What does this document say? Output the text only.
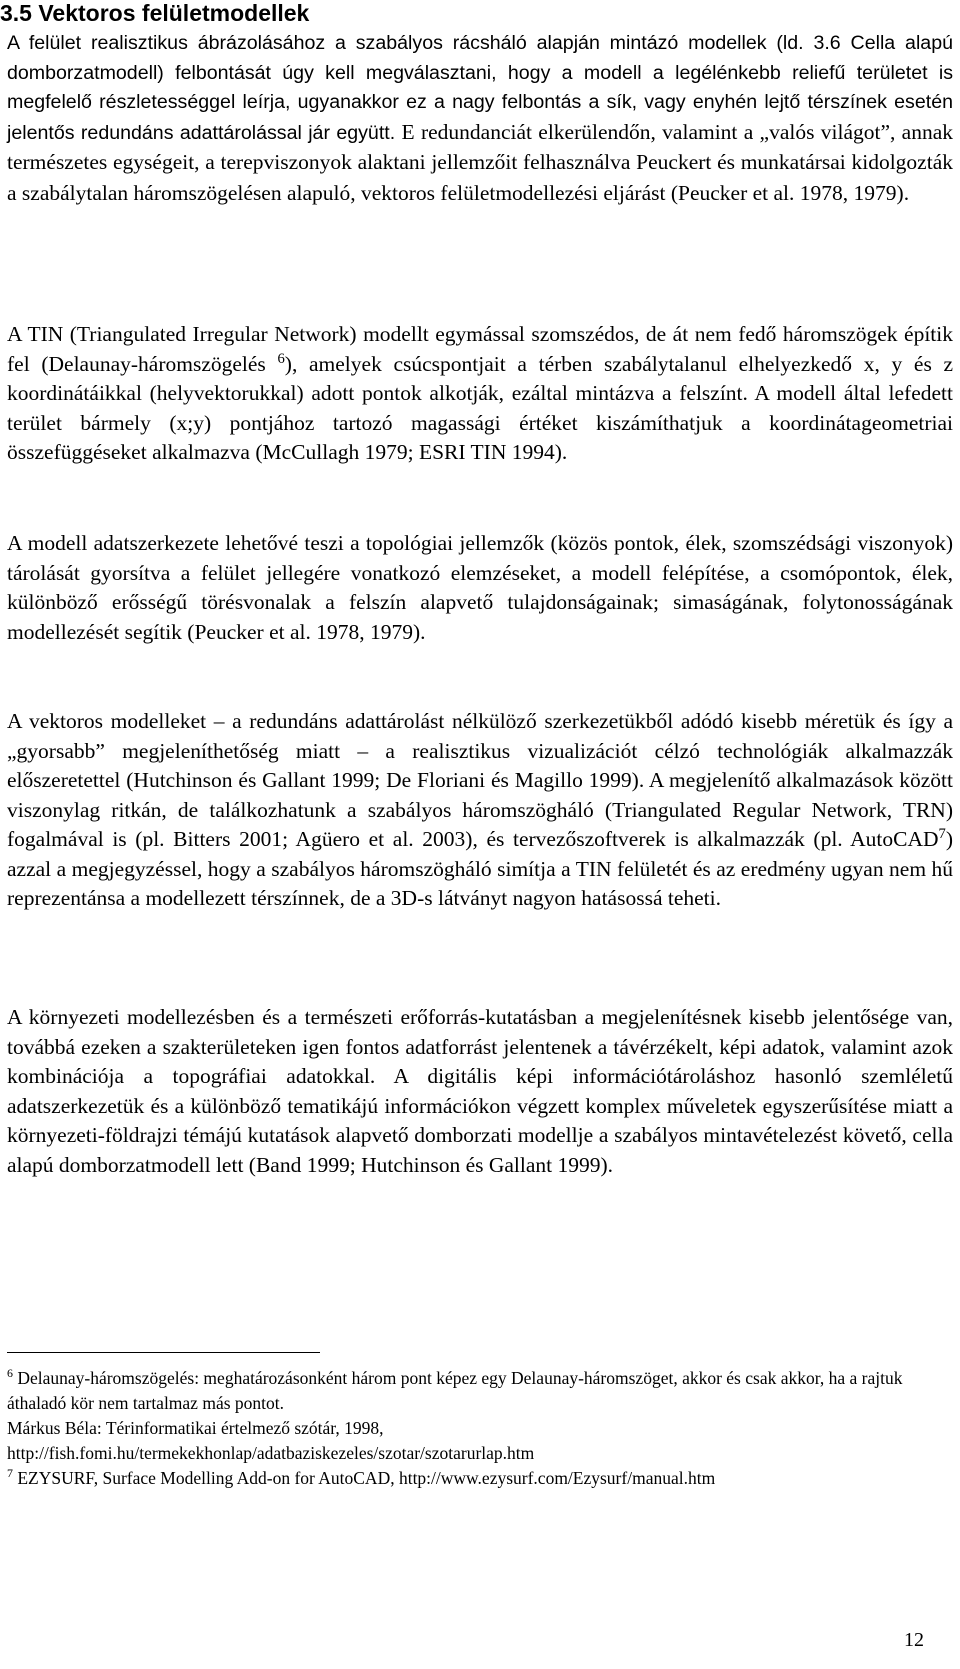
3.5 Vektoros felületmodellek

A felület realisztikus ábrázolásához a szabályos rácsháló alapján mintázó modellek (ld. 3.6 Cella alapú domborzatmodell) felbontását úgy kell megválasztani, hogy a modell a legélénkebb reliefű területet is megfelelő részletességgel leírja, ugyanakkor ez a nagy felbontás a sík, vagy enyhén lejtő térszínek esetén jelentős redundáns adattárolással jár együtt. E redundanciát elkerülendőn, valamint a „valós világot”, annak természetes egységeit, a terepviszonyok alaktani jellemzőit felhasználva Peuckert és munkatársai kidolgozták a szabálytalan háromszögelésen alapuló, vektoros felületmodellezési eljárást (Peucker et al. 1978, 1979).

A TIN (Triangulated Irregular Network) modellt egymással szomszédos, de át nem fedő háromszögek építik fel (Delaunay-háromszögelés $^6$), amelyek csúcspontjait a térben szabálytalanul elhelyezkedő x, y és z koordinátáikkal (helyvektorukkal) adott pontok alkotják, ezáltal mintázva a felszínt. A modell által lefedett terület bármely (x;y) pontjához tartozó magassági értéket kiszámíthatjuk a koordinátageometriai összefüggéseket alkalmazva (McCullagh 1979; ESRI TIN 1994).

A modell adatszerkezete lehetővé teszi a topológiai jellemzők (közös pontok, élek, szomszédsági viszonyok) tárolását gyorsítva a felület jellegére vonatkozó elemzéseket, a modell felépítése, a csomópontok, élek, különböző erősségű törésvonalak a felszín alapvető tulajdonságainak; simaságának, folytonosságának modellezését segítik (Peucker et al. 1978, 1979).

A vektoros modelleket – a redundáns adattárolást nélkülöző szerkezetükből adódó kisebb méretük és így a „gyorsabb” megjeleníthetőség miatt – a realisztikus vizualizációt célzó technológiák alkalmazzák előszeretettel (Hutchinson és Gallant 1999; De Floriani és Magillo 1999). A megjelenítő alkalmazások között viszonylag ritkán, de találkozhatunk a szabályos háromszögháló (Triangulated Regular Network, TRN) fogalmával is (pl. Bitters 2001; Agüero et al. 2003), és tervezőszoftverek is alkalmazzák (pl. AutoCAD$^7$) azzal a megjegyzéssel, hogy a szabályos háromszögháló simítja a TIN felületét és az eredmény ugyan nem hű reprezentánsa a modellezett térszínnek, de a 3D-s látványt nagyon hatásossá teheti.

A környezeti modellezésben és a természeti erőforrás-kutatásban a megjelenítésnek kisebb jelentősége van, továbbá ezeken a szakterületeken igen fontos adatforrást jelentenek a távérzékelt, képi adatok, valamint azok kombinációja a topográfiai adatokkal. A digitális képi információtároláshoz hasonló szemléletű adatszerkezetük és a különböző tematikájú információkon végzett komplex műveletek egyszerűsítése miatt a környezeti-földrajzi témájú kutatások alapvető domborzati modellje a szabályos mintavételezést követő, cella alapú domborzatmodell lett (Band 1999; Hutchinson és Gallant 1999).

$^6$ Delaunay-háromszögelés: meghatározásonként három pont képez egy Delaunay-háromszöget, akkor és csak akkor, ha a rajtuk áthaladó kör nem tartalmaz más pontot.

Márkus Béla: Térinformatikai értelmező szótár, 1998,

http://fish.fomi.hu/termekekhonlap/adatbaziskezeles/szotar/szotarurlap.htm

$^7$ EZYSURF, Surface Modelling Add-on for AutoCAD, http://www.ezysurf.com/Ezysurf/manual.htm

12
